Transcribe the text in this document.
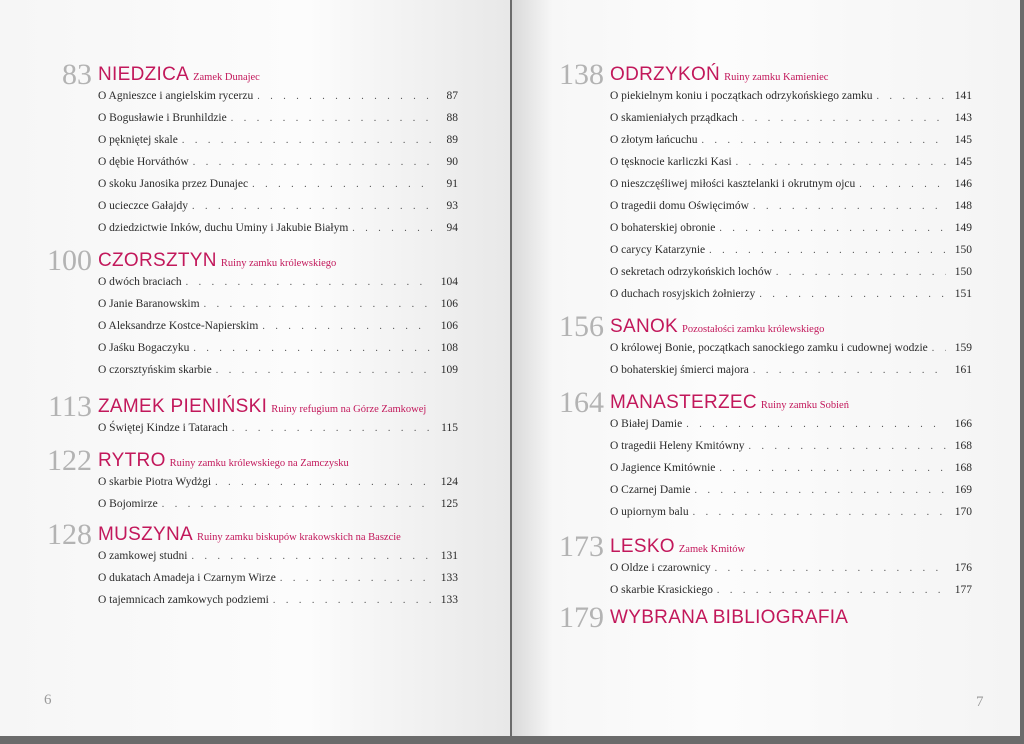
83 NIEDZICA Zamek Dunajec
O Agnieszce i angielskim rycerzu . . .	87
O Bogusławie i Brunhildzie . . .	88
O pękniętej skale . . .	89
O dębie Horváthów . . .	90
O skoku Janosika przez Dunajec . . .	91
O ucieczce Gałajdy . . .	93
O dziedzictwie Inków, duchu Uminy i Jakubie Białym . . .	94
100 CZORSZTYN Ruiny zamku królewskiego
O dwóch braciach . . .	104
O Janie Baranowskim . . .	106
O Aleksandrze Kostce-Napierskim . . .	106
O Jaśku Bogaczyku . . .	108
O czorsztyńskim skarbie . . .	109
113 ZAMEK PIENIŃSKI Ruiny refugium na Górze Zamkowej
O Świętej Kindze i Tatarach . . .	115
122 RYTRO Ruiny zamku królewskiego na Zamczysku
O skarbie Piotra Wydżgi . . .	124
O Bojomirze . . .	125
128 MUSZYNA Ruiny zamku biskupów krakowskich na Baszcie
O zamkowej studni . . .	131
O dukatach Amadeja i Czarnym Wirze . . .	133
O tajemnicach zamkowych podziemi . . .	133
6
138 ODRZYKOŃ Ruiny zamku Kamieniec
O piekielnym koniu i początkach odrzykońskiego zamku . . .	141
O skamieniałych prządkach . . .	143
O złotym łańcuchu . . .	145
O tęsknocie karliczki Kasi . . .	145
O nieszczęśliwej miłości kasztelanki i okrutnym ojcu . . .	146
O tragedii domu Oświęcimów . . .	148
O bohaterskiej obronie . . .	149
O carycy Katarzynie . . .	150
O sekretach odrzykońskich lochów . . .	150
O duchach rosyjskich żołnierzy . . .	151
156 SANOK Pozostałości zamku królewskiego
O królowej Bonie, początkach sanockiego zamku i cudownej wodzie . . .	159
O bohaterskiej śmierci majora . . .	161
164 MANASTERZEC Ruiny zamku Sobień
O Białej Damie . . .	166
O tragedii Heleny Kmitówny . . .	168
O Jagience Kmitównie . . .	168
O Czarnej Damie . . .	169
O upiornym balu . . .	170
173 LESKO Zamek Kmitów
O Oldze i czarownicy . . .	176
O skarbie Krasickiego . . .	177
179 WYBRANA BIBLIOGRAFIA
7
